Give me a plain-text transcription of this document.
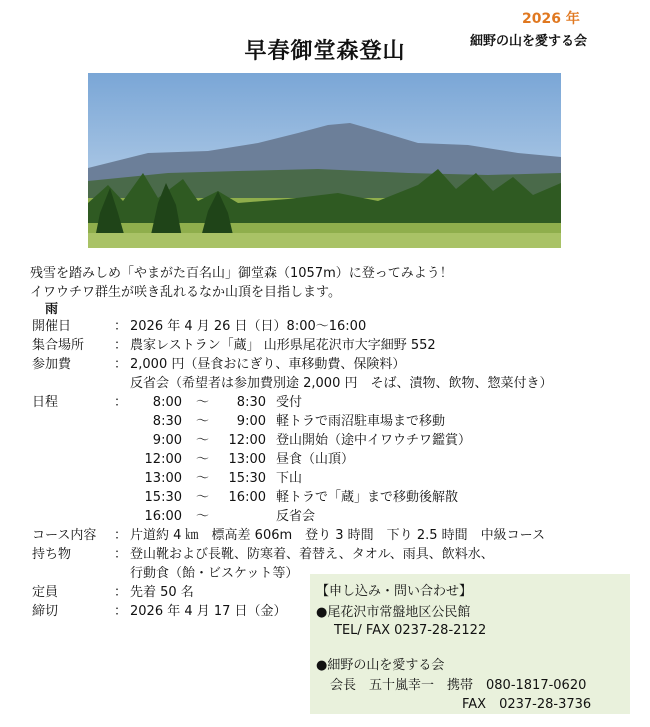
2026 年
細野の山を愛する会
早春御堂森登山
残雪を踏みしめ「やまがた百名山」御堂森（1057m）に登ってみよう！
イワウチワ群生が咲き乱れるなか山頂を目指します。
雨
開催日	： 2026 年 4 月 26 日（日）8:00～16:00
集合場所	： 農家レストラン「蔵」 山形県尾花沢市大字細野 552
参加費	： 2,000 円（昼食おにぎり、車移動費、保険料）
反省会（希望者は参加費別途 2,000 円　そば、漬物、飲物、惣菜付き）
日程	：	8:00 ～	8:30 受付
8:30 ～	9:00 軽トラで雨沼駐車場まで移動
9:00 ～	12:00 登山開始（途中イワウチワ鑑賞）
12:00 ～	13:00 昼食（山頂）
13:00 ～	15:30 下山
15:30 ～	16:00 軽トラで「蔵」まで移動後解散
16:00 ～	反省会
コース内容	： 片道約 4 ㎞　標高差 606m　登り 3 時間　下り 2.5 時間　中級コース
持ち物	： 登山靴および長靴、防寒着、着替え、タオル、雨具、飲料水、
行動食（飴・ビスケット等）
定員	： 先着 50 名
締切	： 2026 年 4 月 17 日（金）
【申し込み・問い合わせ】
●尾花沢市常盤地区公民館
TEL/ FAX 0237-28-2122
●細野の山を愛する会
会長　五十嵐幸一　携帯　080-1817-0620
FAX　0237-28-3736
